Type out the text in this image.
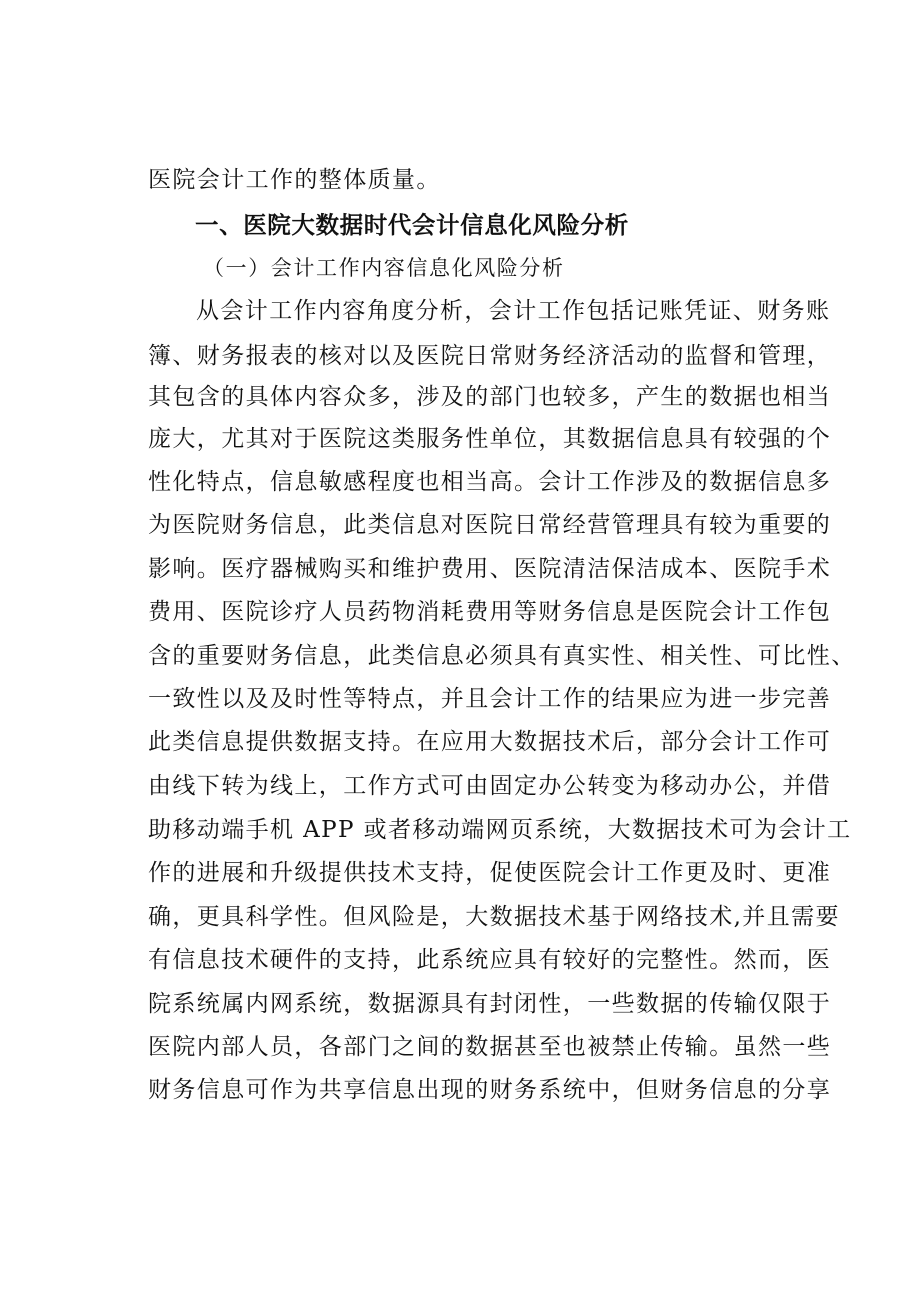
医院会计工作的整体质量。
一、医院大数据时代会计信息化风险分析
（一）会计工作内容信息化风险分析
从会计工作内容角度分析，会计工作包括记账凭证、财务账
簿、财务报表的核对以及医院日常财务经济活动的监督和管理，
其包含的具体内容众多，涉及的部门也较多，产生的数据也相当
庞大，尤其对于医院这类服务性单位，其数据信息具有较强的个
性化特点，信息敏感程度也相当高。会计工作涉及的数据信息多
为医院财务信息，此类信息对医院日常经营管理具有较为重要的
影响。医疗器械购买和维护费用、医院清洁保洁成本、医院手术
费用、医院诊疗人员药物消耗费用等财务信息是医院会计工作包
含的重要财务信息，此类信息必须具有真实性、相关性、可比性、
一致性以及及时性等特点，并且会计工作的结果应为进一步完善
此类信息提供数据支持。在应用大数据技术后，部分会计工作可
由线下转为线上，工作方式可由固定办公转变为移动办公，并借
助移动端手机 APP 或者移动端网页系统，大数据技术可为会计工
作的进展和升级提供技术支持，促使医院会计工作更及时、更准
确，更具科学性。但风险是，大数据技术基于网络技术,并且需要
有信息技术硬件的支持，此系统应具有较好的完整性。然而，医
院系统属内网系统，数据源具有封闭性，一些数据的传输仅限于
医院内部人员，各部门之间的数据甚至也被禁止传输。虽然一些
财务信息可作为共享信息出现的财务系统中，但财务信息的分享
